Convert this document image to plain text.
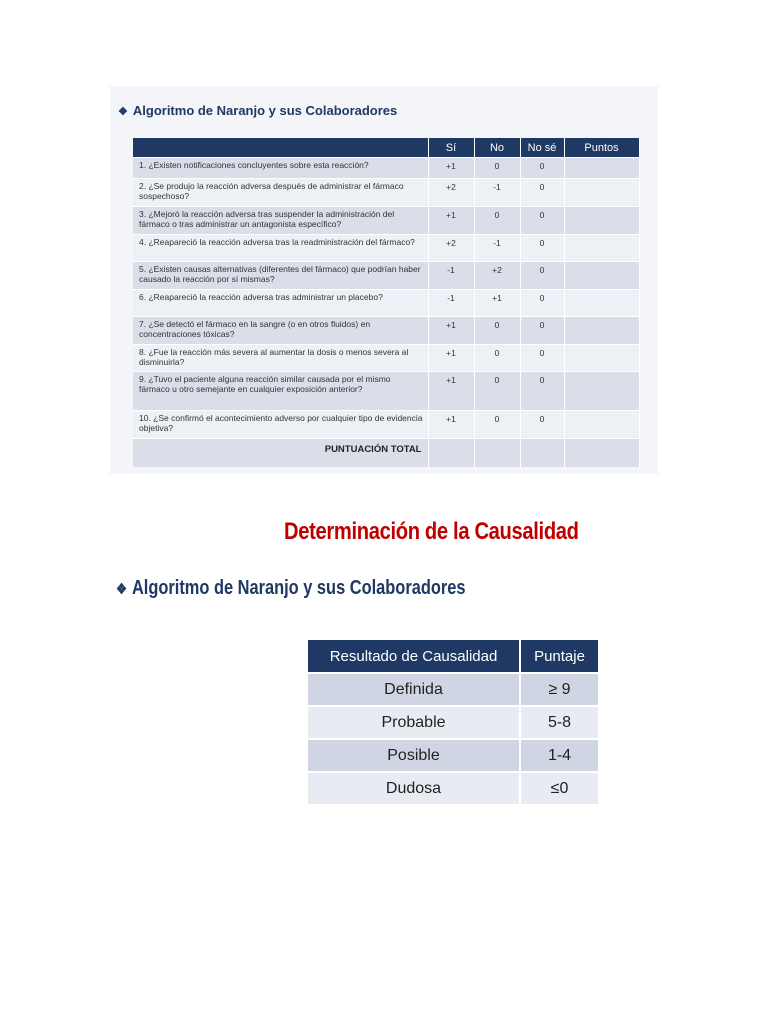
❖ Algoritmo de Naranjo y sus Colaboradores
	Sí	No	No sé	Puntos
1. ¿Existen notificaciones concluyentes sobre esta reacción?	+1	0	0	
2. ¿Se produjo la reacción adversa después de administrar el fármaco sospechoso?	+2	-1	0	
3. ¿Mejoró la reacción adversa tras suspender la administración del fármaco o tras administrar un antagonista específico?	+1	0	0	
4. ¿Reapareció la reacción adversa tras la readministración del fármaco?	+2	-1	0	
5. ¿Existen causas alternativas (diferentes del fármaco) que podrían haber causado la reacción por sí mismas?	-1	+2	0	
6. ¿Reapareció la reacción adversa tras administrar un placebo?	-1	+1	0	
7. ¿Se detectó el fármaco en la sangre (o en otros fluidos) en concentraciones tóxicas?	+1	0	0	
8. ¿Fue la reacción más severa al aumentar la dosis o menos severa al disminuirla?	+1	0	0	
9. ¿Tuvo el paciente alguna reacción similar causada por el mismo fármaco u otro semejante en cualquier exposición anterior?	+1	0	0	
10. ¿Se confirmó el acontecimiento adverso por cualquier tipo de evidencia objetiva?	+1	0	0	
PUNTUACIÓN TOTAL				
Determinación de la Causalidad
❖ Algoritmo de Naranjo y sus Colaboradores
Resultado de Causalidad	Puntaje
Definida	≥ 9
Probable	5-8
Posible	1-4
Dudosa	≤0
